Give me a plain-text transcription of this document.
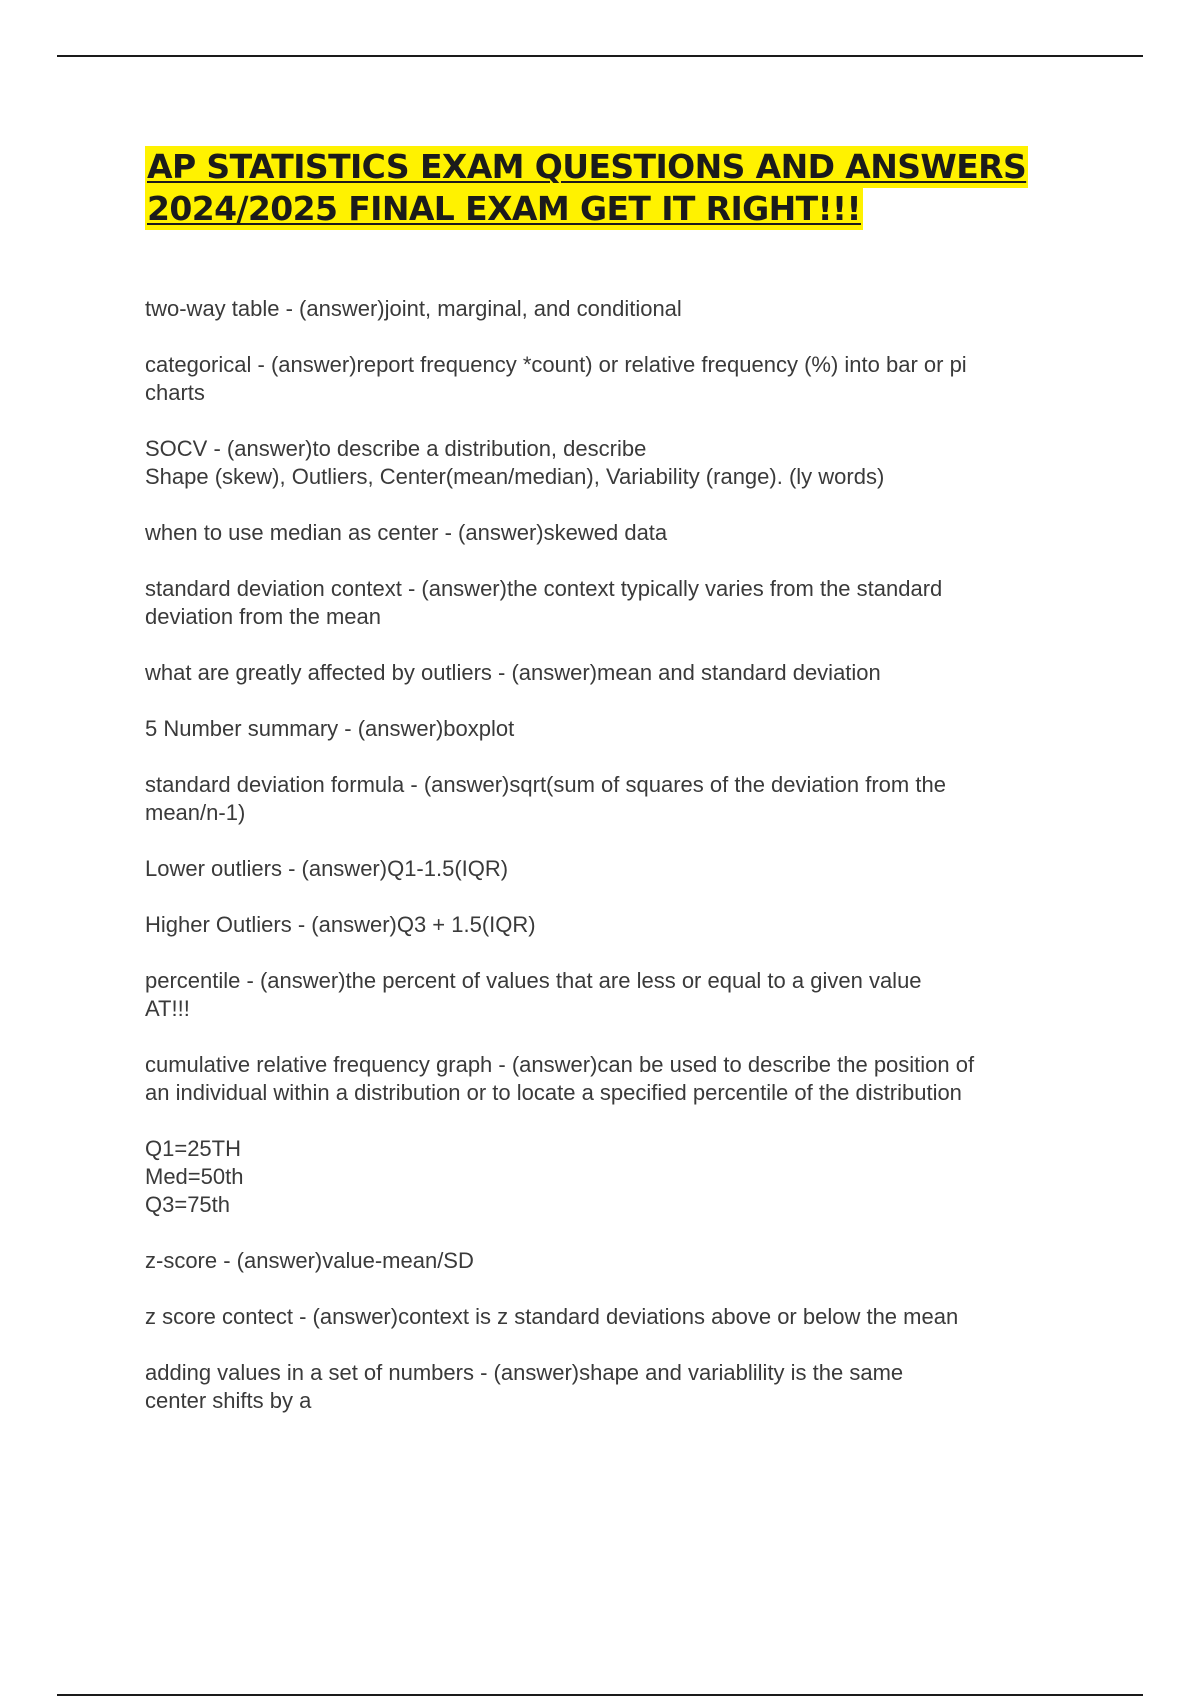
AP STATISTICS EXAM QUESTIONS AND ANSWERS
2024/2025 FINAL EXAM GET IT RIGHT!!!
two-way table - (answer)joint, marginal, and conditional
categorical - (answer)report frequency *count) or relative frequency (%) into bar or pi
charts
SOCV - (answer)to describe a distribution, describe
Shape (skew), Outliers, Center(mean/median), Variability (range). (ly words)
when to use median as center - (answer)skewed data
standard deviation context - (answer)the context typically varies from the standard
deviation from the mean
what are greatly affected by outliers - (answer)mean and standard deviation
5 Number summary - (answer)boxplot
standard deviation formula - (answer)sqrt(sum of squares of the deviation from the
mean/n-1)
Lower outliers - (answer)Q1-1.5(IQR)
Higher Outliers - (answer)Q3 + 1.5(IQR)
percentile - (answer)the percent of values that are less or equal to a given value
AT!!!
cumulative relative frequency graph - (answer)can be used to describe the position of
an individual within a distribution or to locate a specified percentile of the distribution
Q1=25TH
Med=50th
Q3=75th
z-score - (answer)value-mean/SD
z score contect - (answer)context is z standard deviations above or below the mean
adding values in a set of numbers - (answer)shape and variablility is the same
center shifts by a
